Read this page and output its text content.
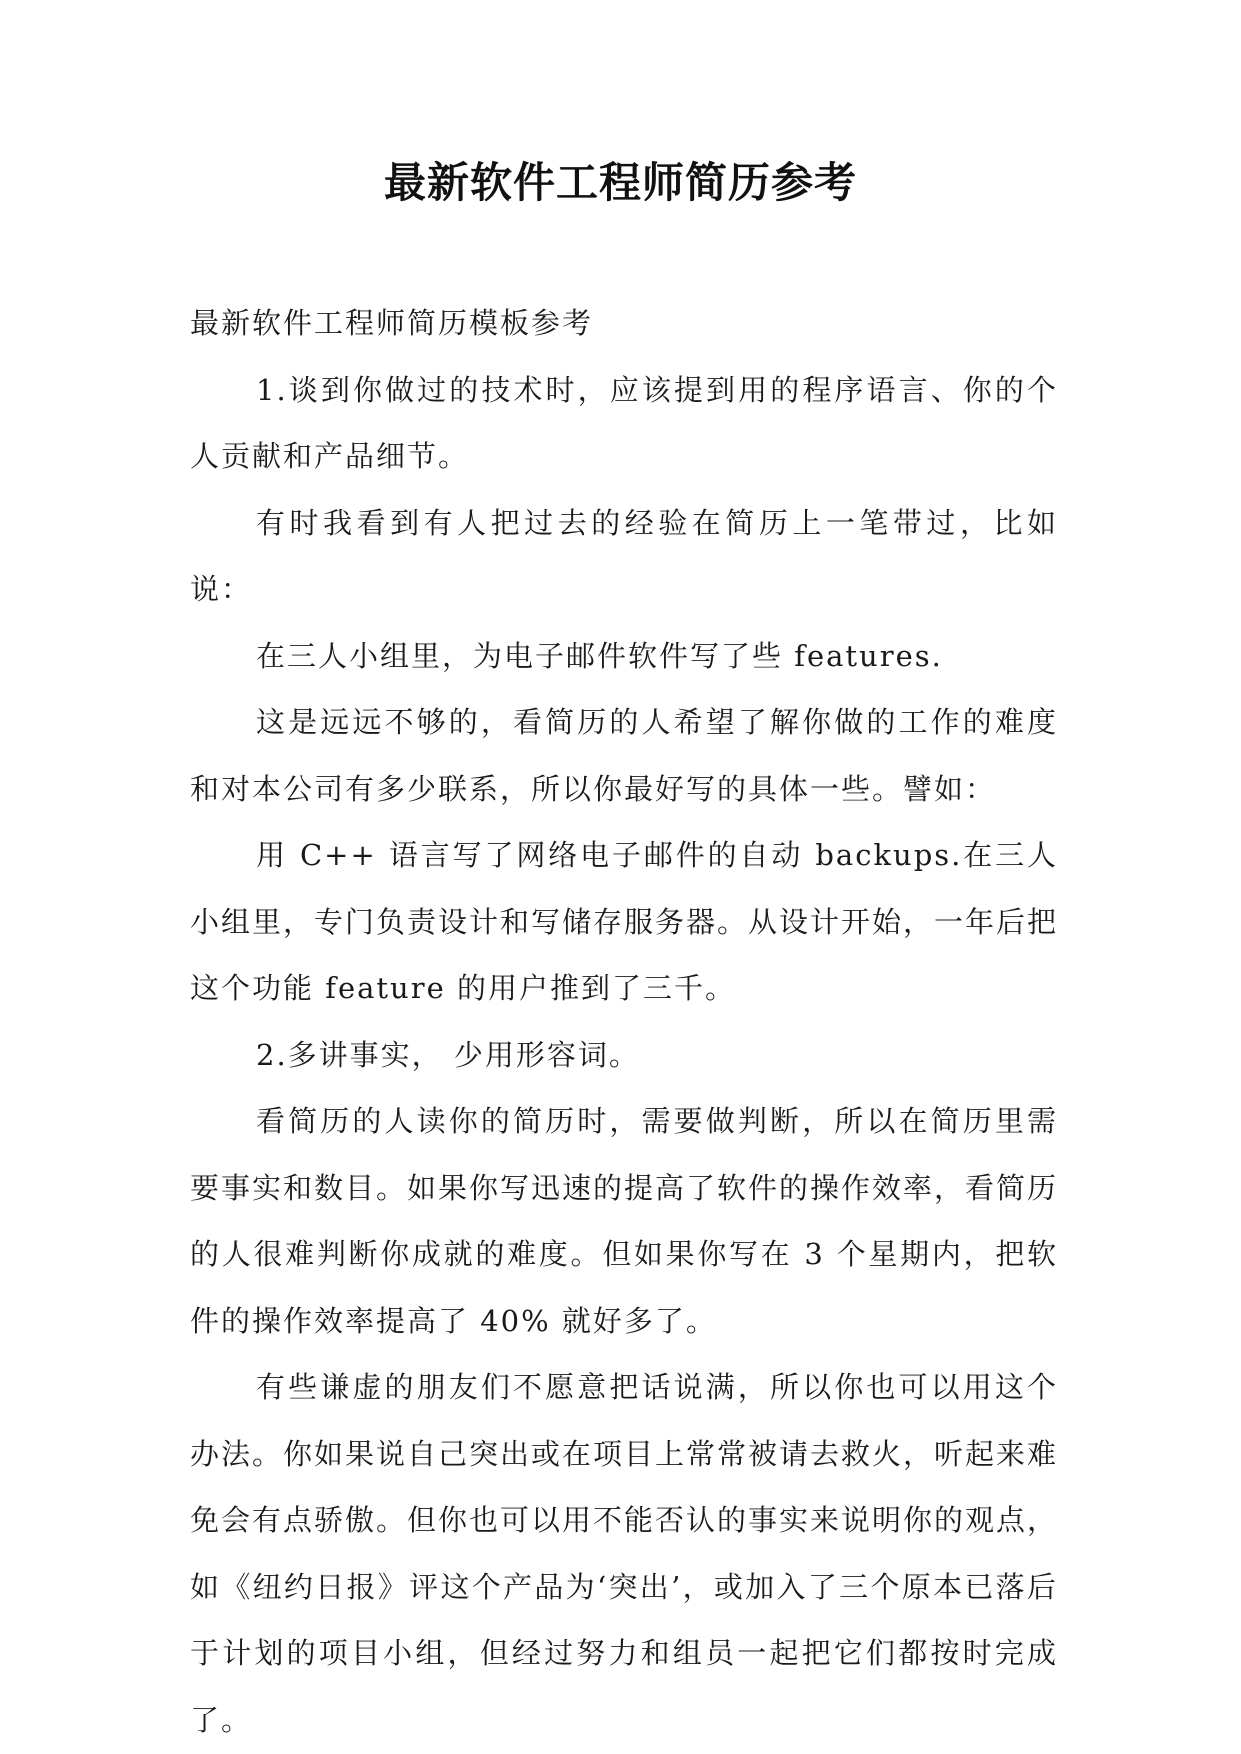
最新软件工程师简历参考

最新软件工程师简历模板参考

1.谈到你做过的技术时，应该提到用的程序语言、你的个人贡献和产品细节。

有时我看到有人把过去的经验在简历上一笔带过，比如说：

在三人小组里，为电子邮件软件写了些 features.

这是远远不够的，看简历的人希望了解你做的工作的难度和对本公司有多少联系，所以你最好写的具体一些。譬如：

用 C++ 语言写了网络电子邮件的自动 backups.在三人小组里，专门负责设计和写储存服务器。从设计开始，一年后把这个功能 feature 的用户推到了三千。

2.多讲事实， 少用形容词。

看简历的人读你的简历时，需要做判断，所以在简历里需要事实和数目。如果你写迅速的提高了软件的操作效率，看简历的人很难判断你成就的难度。但如果你写在 3 个星期内，把软件的操作效率提高了 40% 就好多了。

有些谦虚的朋友们不愿意把话说满，所以你也可以用这个办法。你如果说自己突出或在项目上常常被请去救火，听起来难免会有点骄傲。但你也可以用不能否认的事实来说明你的观点，如《纽约日报》评这个产品为‘突出’，或加入了三个原本已落后于计划的项目小组，但经过努力和组员一起把它们都按时完成了。
